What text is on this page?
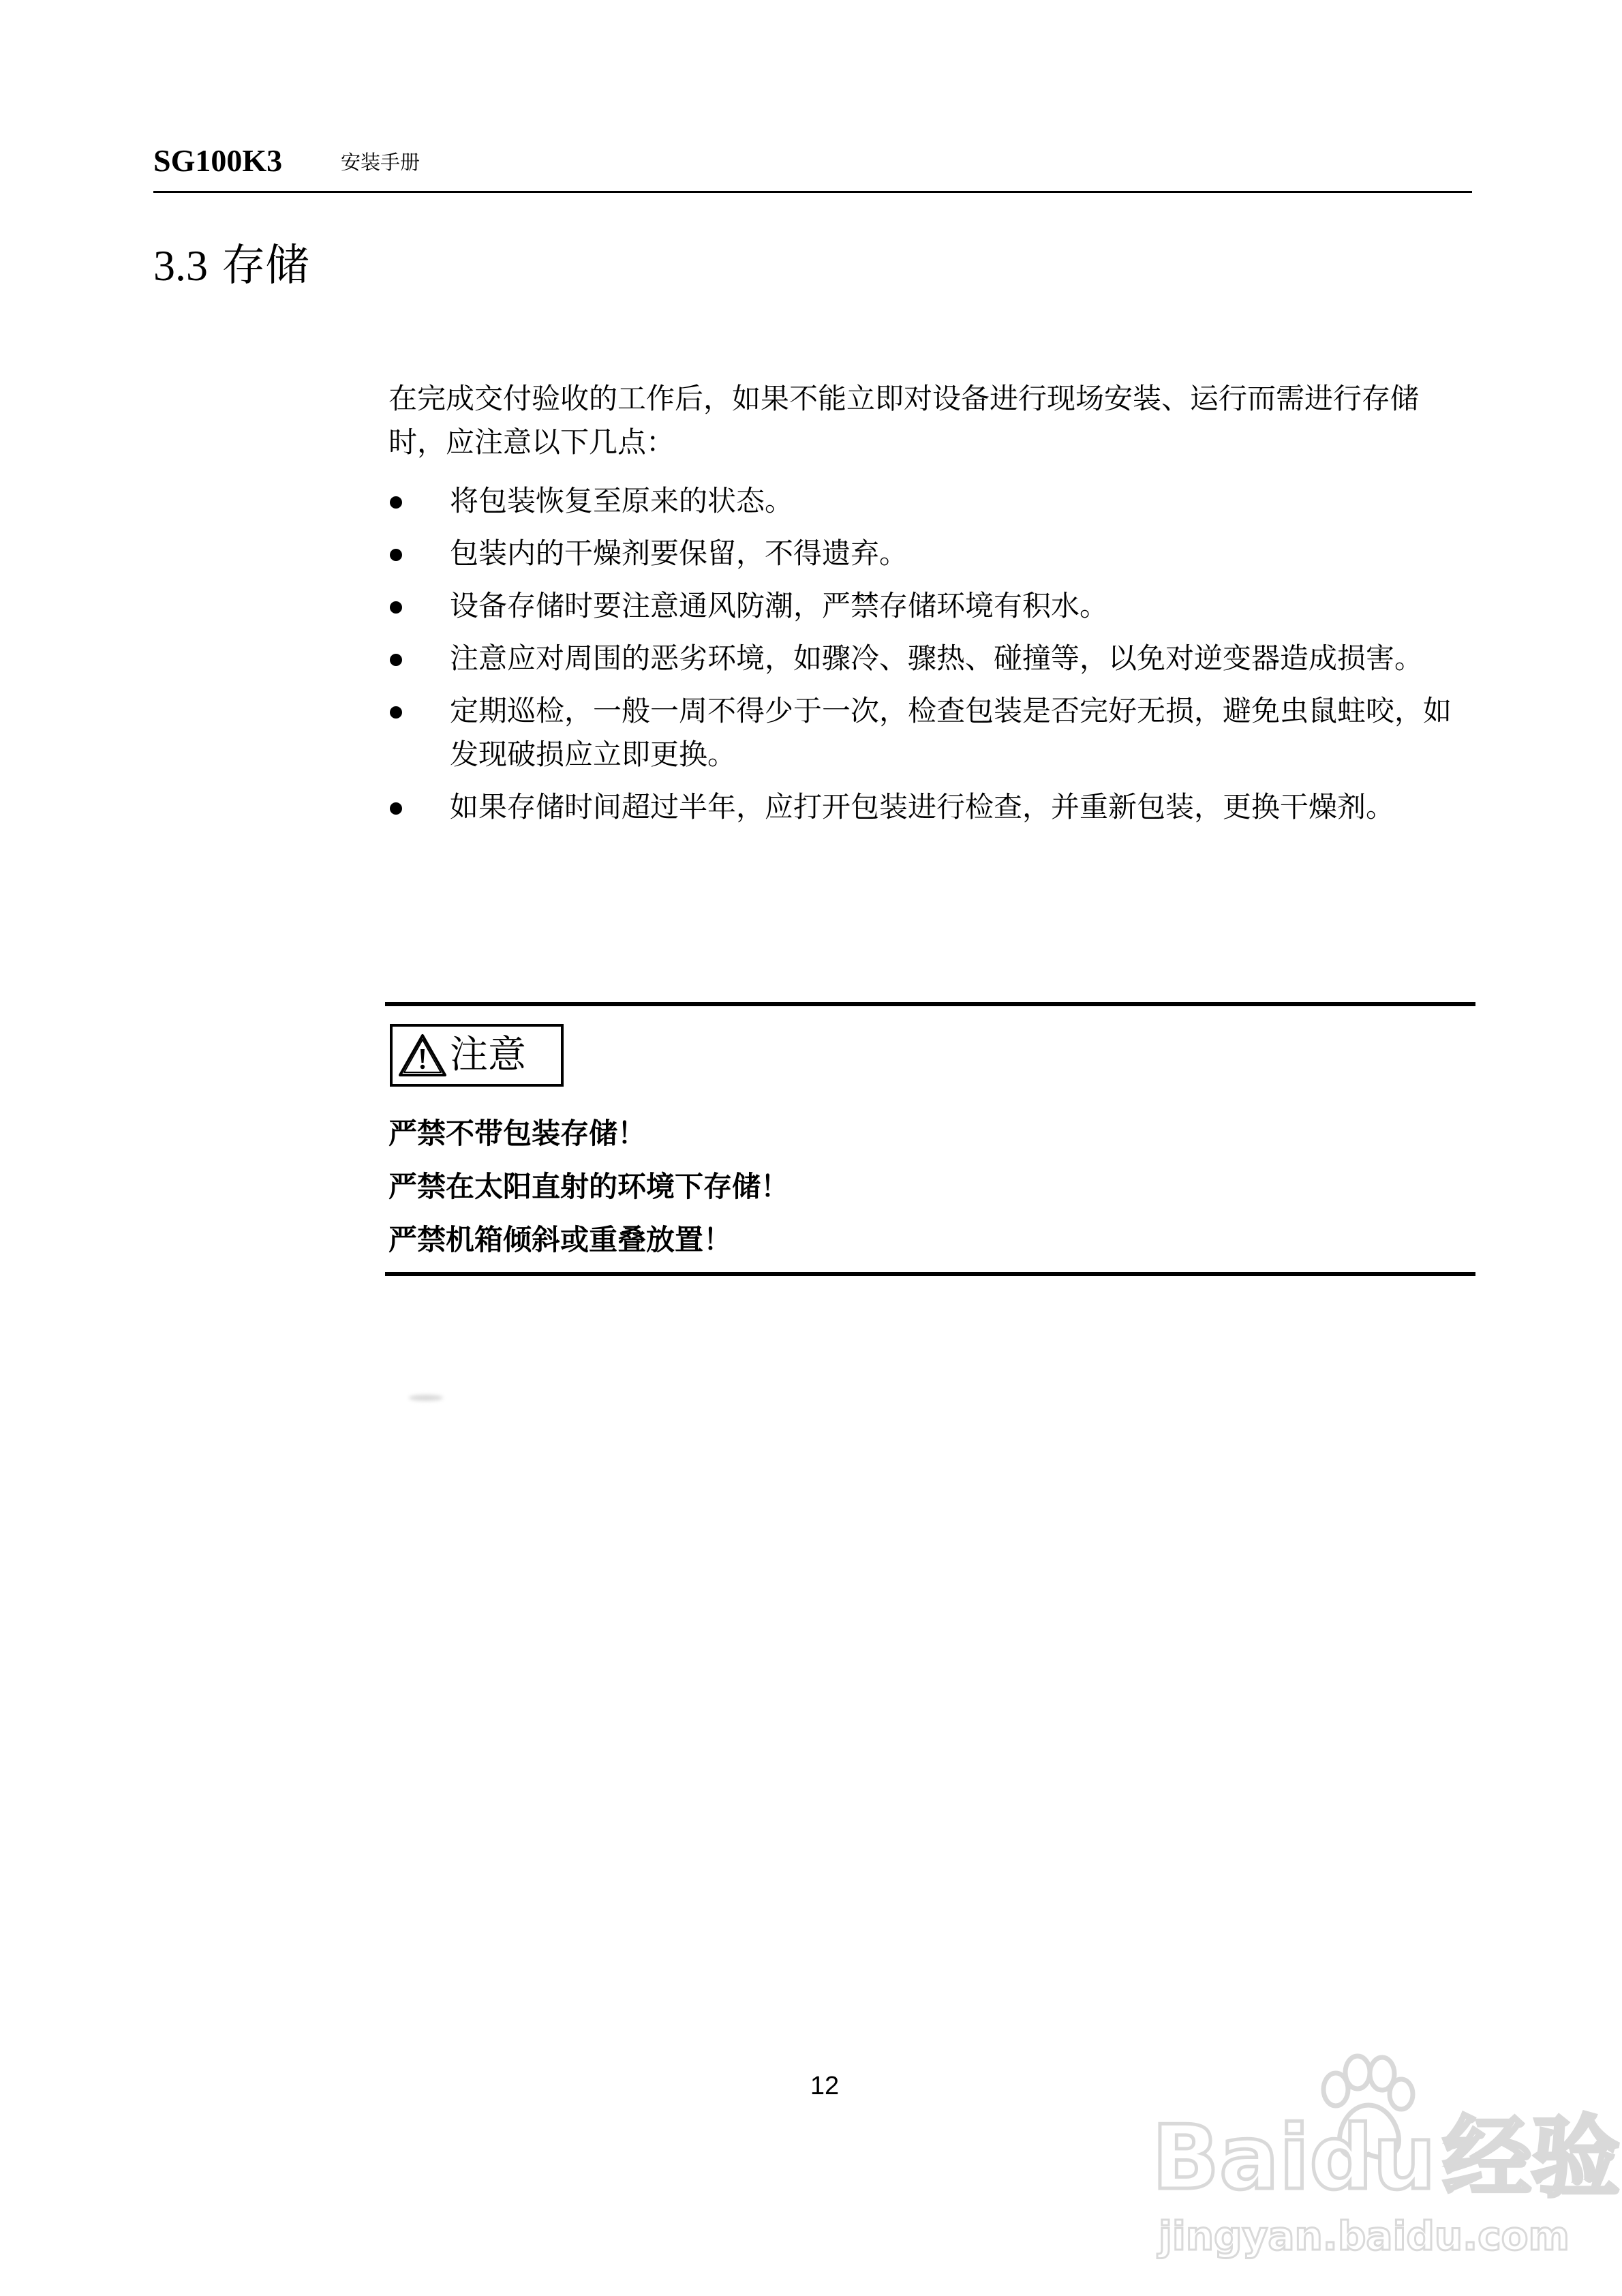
SG100K3	安装手册
3.3 存储

在完成交付验收的工作后，如果不能立即对设备进行现场安装、运行而需进行存储时，应注意以下几点：

将包装恢复至原来的状态。
包装内的干燥剂要保留，不得遗弃。
设备存储时要注意通风防潮，严禁存储环境有积水。
注意应对周围的恶劣环境，如骤冷、骤热、碰撞等，以免对逆变器造成损害。
定期巡检，一般一周不得少于一次，检查包装是否完好无损，避免虫鼠蛀咬，如发现破损应立即更换。
如果存储时间超过半年，应打开包装进行检查，并重新包装，更换干燥剂。
注意
严禁不带包装存储！
严禁在太阳直射的环境下存储！
严禁机箱倾斜或重叠放置！
12
Baidu经验
jingyan.baidu.com
